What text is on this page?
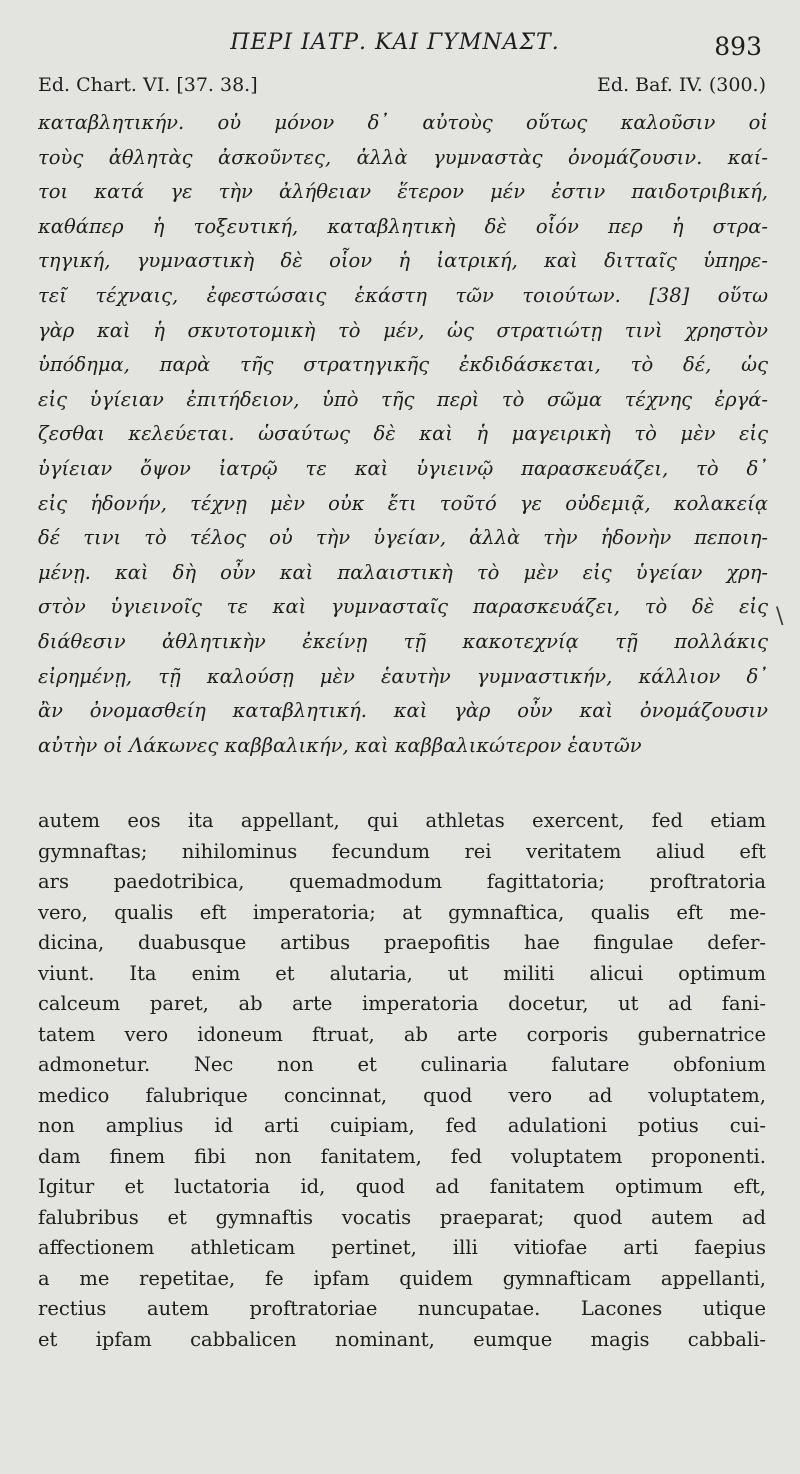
ΠΕΡΙ ΙΑΤΡ. ΚΑΙ ΓΥΜΝΑΣΤ.	893
Ed. Chart. VI. [37. 38.]	Ed. Baf. IV. (300.)
καταβλητικήν. οὐ μόνον δ᾽ αὐτοὺς οὕτως καλοῦσιν οἱ
τοὺς ἀθλητὰς ἀσκοῦντες, ἀλλὰ γυμναστὰς ὀνομάζουσιν. καί-
τοι κατά γε τὴν ἀλήθειαν ἕτερον μέν ἐστιν παιδοτριβική,
καθάπερ ἡ τοξευτική, καταβλητικὴ δὲ οἷόν περ ἡ στρα-
τηγική, γυμναστικὴ δὲ οἷον ἡ ἰατρική, καὶ διτταῖς ὑπηρε-
τεῖ τέχναις, ἐφεστώσαις ἑκάστη τῶν τοιούτων. [38] οὕτω
γὰρ καὶ ἡ σκυτοτομικὴ τὸ μέν, ὡς στρατιώτῃ τινὶ χρηστὸν
ὑπόδημα, παρὰ τῆς στρατηγικῆς ἐκδιδάσκεται, τὸ δέ, ὡς
εἰς ὑγίειαν ἐπιτήδειον, ὑπὸ τῆς περὶ τὸ σῶμα τέχνης ἐργά-
ζεσθαι κελεύεται. ὡσαύτως δὲ καὶ ἡ μαγειρικὴ τὸ μὲν εἰς
ὑγίειαν ὄψον ἰατρῷ τε καὶ ὑγιεινῷ παρασκευάζει, τὸ δ᾽
εἰς ἡδονήν, τέχνῃ μὲν οὐκ ἔτι τοῦτό γε οὐδεμιᾷ, κολακείᾳ
δέ τινι τὸ τέλος οὐ τὴν ὑγείαν, ἀλλὰ τὴν ἡδονὴν πεποιη-
μένῃ. καὶ δὴ οὖν καὶ παλαιστικὴ τὸ μὲν εἰς ὑγείαν χρη-
στὸν ὑγιεινοῖς τε καὶ γυμνασταῖς παρασκευάζει, τὸ δὲ εἰς
διάθεσιν ἀθλητικὴν ἐκείνῃ τῇ κακοτεχνίᾳ τῇ πολλάκις
εἰρημένῃ, τῇ καλούσῃ μὲν ἑαυτὴν γυμναστικήν, κάλλιον δ᾽
ἂν ὀνομασθείη καταβλητική. καὶ γὰρ οὖν καὶ ὀνομάζουσιν
αὐτὴν οἱ Λάκωνες καββαλικήν, καὶ καββαλικώτερον ἑαυτῶν
\
autem eos ita appellant, qui athletas exercent, fed etiam
gymnaftas; nihilominus fecundum rei veritatem aliud eft
ars paedotribica, quemadmodum fagittatoria; proftratoria
vero, qualis eft imperatoria; at gymnaftica, qualis eft me-
dicina, duabusque artibus praepofitis hae fingulae defer-
viunt. Ita enim et alutaria, ut militi alicui optimum
calceum paret, ab arte imperatoria docetur, ut ad fani-
tatem vero idoneum ftruat, ab arte corporis gubernatrice
admonetur. Nec non et culinaria falutare obfonium
medico falubrique concinnat, quod vero ad voluptatem,
non amplius id arti cuipiam, fed adulationi potius cui-
dam finem fibi non fanitatem, fed voluptatem proponenti.
Igitur et luctatoria id, quod ad fanitatem optimum eft,
falubribus et gymnaftis vocatis praeparat; quod autem ad
affectionem athleticam pertinet, illi vitiofae arti faepius
a me repetitae, fe ipfam quidem gymnafticam appellanti,
rectius autem proftratoriae nuncupatae. Lacones utique
et ipfam cabbalicen nominant, eumque magis cabbali-
